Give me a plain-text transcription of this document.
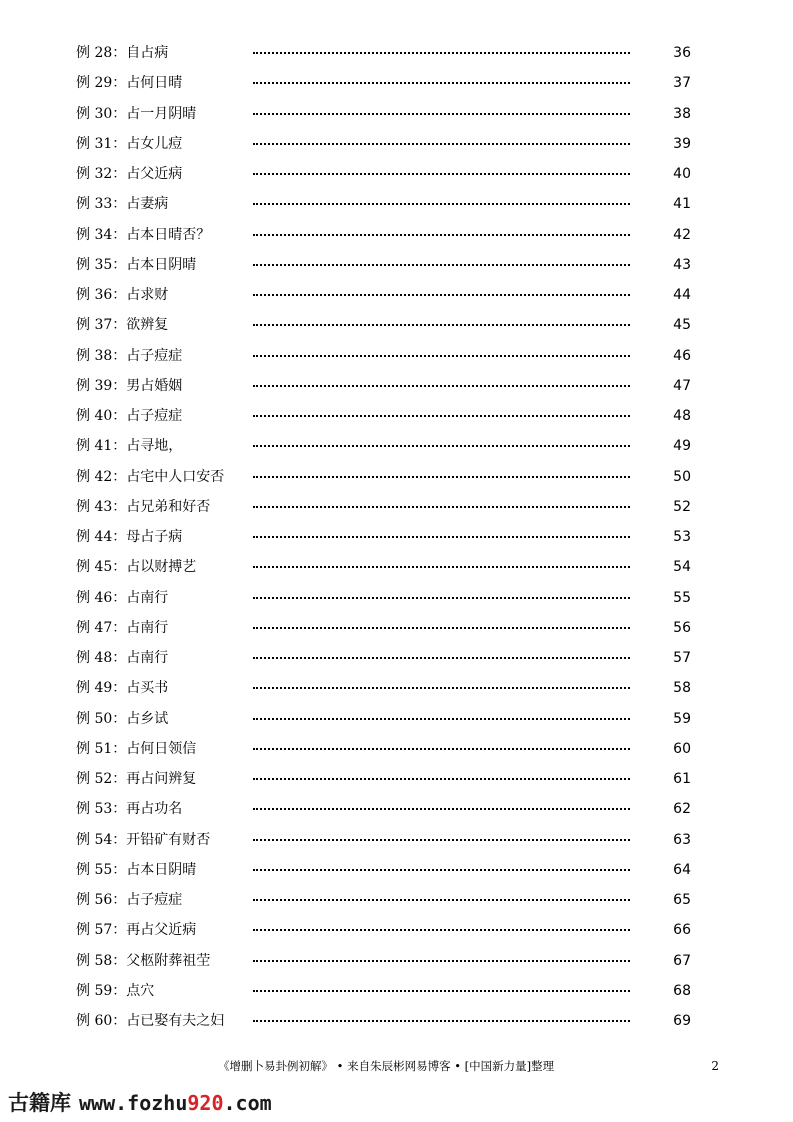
例 28：自占病	36
例 29：占何日晴	37
例 30：占一月阴晴	38
例 31：占女儿痘	39
例 32：占父近病	40
例 33：占妻病	41
例 34：占本日晴否？	42
例 35：占本日阴晴	43
例 36：占求财	44
例 37：欲辨复	45
例 38：占子痘症	46
例 39：男占婚姻	47
例 40：占子痘症	48
例 41：占寻地，	49
例 42：占宅中人口安否	50
例 43：占兄弟和好否	52
例 44：母占子病	53
例 45：占以财搏艺	54
例 46：占南行	55
例 47：占南行	56
例 48：占南行	57
例 49：占买书	58
例 50：占乡试	59
例 51：占何日领信	60
例 52：再占问辨复	61
例 53：再占功名	62
例 54：开铅矿有财否	63
例 55：占本日阴晴	64
例 56：占子痘症	65
例 57：再占父近病	66
例 58：父柩附葬祖茔	67
例 59：点穴	68
例 60：占已娶有夫之妇	69
《增删卜易卦例初解》 • 来自朱辰彬网易博客 • [中国新力量]整理	2
古籍库 www.fozhu920.com
